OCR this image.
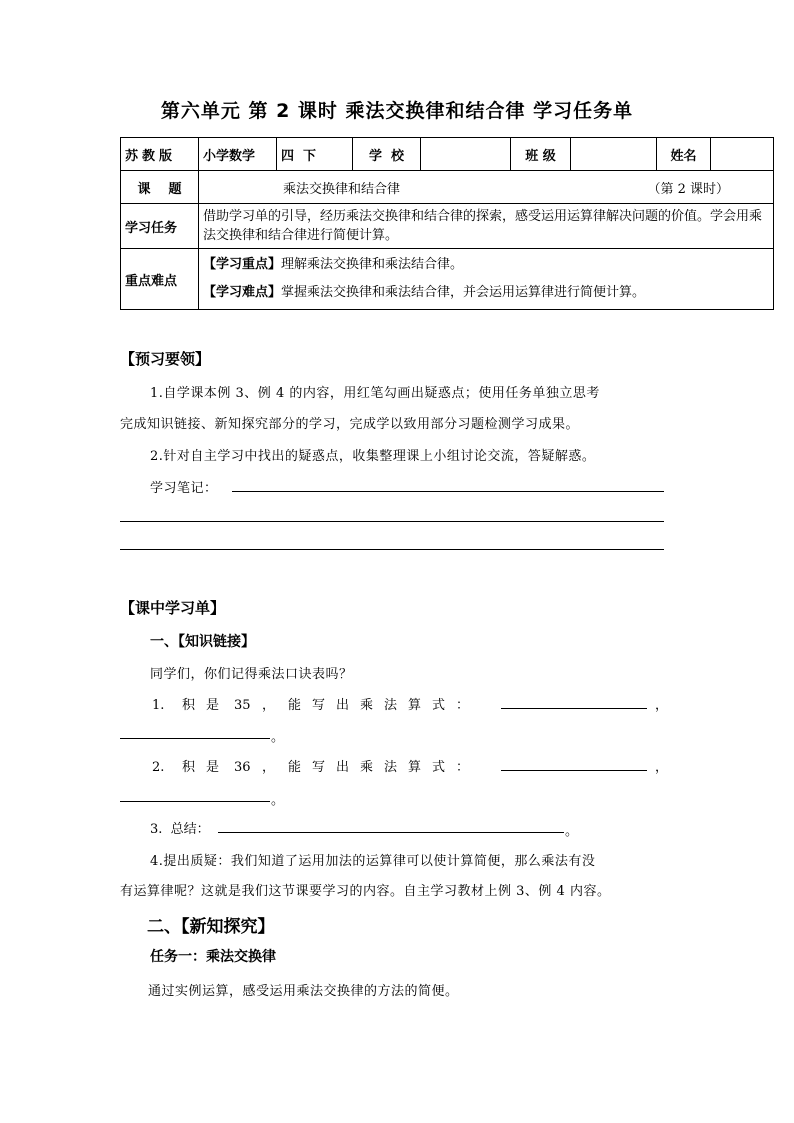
第六单元 第 2 课时 乘法交换律和结合律 学习任务单
苏教版	小学数学	四  下	学  校		班 级		姓名	
课    题	乘法交换律和结合律 （第 2 课时）							

学习任务	借助学习单的引导，经历乘法交换律和结合律的探索，感受运用运算律解决问题的价值。学会用乘法交换律和结合律进行简便计算。							
重点难点	【学习重点】理解乘法交换律和乘法结合律。
【学习难点】掌握乘法交换律和乘法结合律，并会运用运算律进行简便计算。							
【预习要领】
1.自学课本例 3、例 4 的内容，用红笔勾画出疑惑点；使用任务单独立思考
完成知识链接、新知探究部分的学习，完成学以致用部分习题检测学习成果。
2.针对自主学习中找出的疑惑点，收集整理课上小组讨论交流，答疑解惑。
学习笔记：
【课中学习单】
一、【知识链接】
同学们，你们记得乘法口诀表吗？
1. 积 是 35 ， 能 写 出 乘 法 算 式 ：	，
。
2. 积 是 36 ， 能 写 出 乘 法 算 式 ：	，
。
3.  总结：	。
4.提出质疑：我们知道了运用加法的运算律可以使计算简便，那么乘法有没
有运算律呢？这就是我们这节课要学习的内容。自主学习教材上例 3、例 4 内容。
二、【新知探究】
任务一：乘法交换律
通过实例运算，感受运用乘法交换律的方法的简便。
